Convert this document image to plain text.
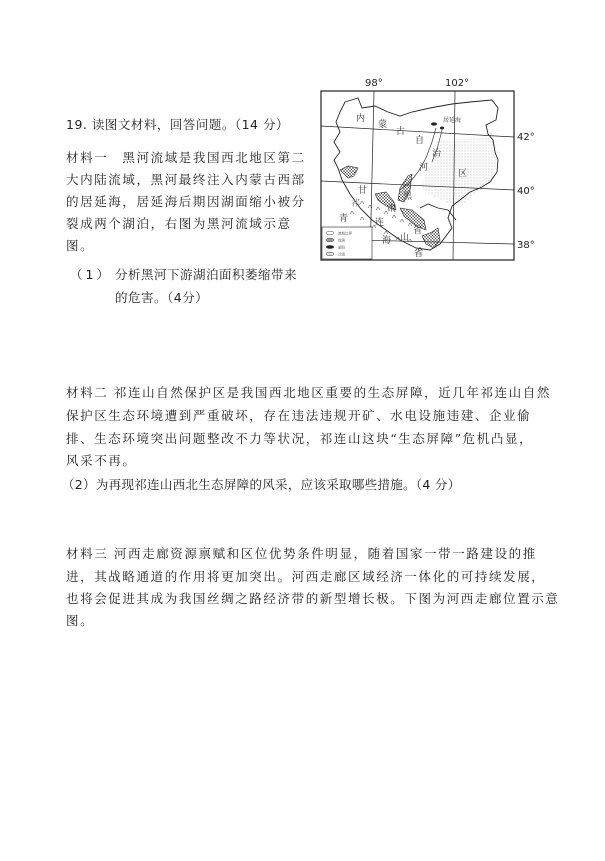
19. 读图文材料，回答问题。（14 分）
材料一　黑河流域是我国西北地区第二
大内陆流域，黑河最终注入内蒙古西部
的居延海，居延海后期因湖面缩小被分
裂成两个湖泊，右图为黑河流域示意
图。
（1） 分析黑河下游湖泊面积萎缩带来
的危害。（4分）
材料二 祁连山自然保护区是我国西北地区重要的生态屏障，近几年祁连山自然
保护区生态环境遭到严重破坏，存在违法违规开矿、水电设施违建、企业偷
排、生态环境突出问题整改不力等状况，祁连山这块“生态屏障”危机凸显，
风采不再。
（2）为再现祁连山西北生态屏障的风采，应该采取哪些措施。（4 分）
材料三 河西走廊资源禀赋和区位优势条件明显，随着国家一带一路建设的推
进，其战略通道的作用将更加突出。河西走廊区域经济一体化的可持续发展，
也将会促进其成为我国丝绸之路经济带的新型增长极。下图为河西走廊位置示意
图。
98°	102°
42°
40°
38°
内
蒙
古
自
治
河
区
居延海
黑
甘
肃
省
祁
连
山
青
海
省
流域边界
绿洲
湖泊
沙漠
